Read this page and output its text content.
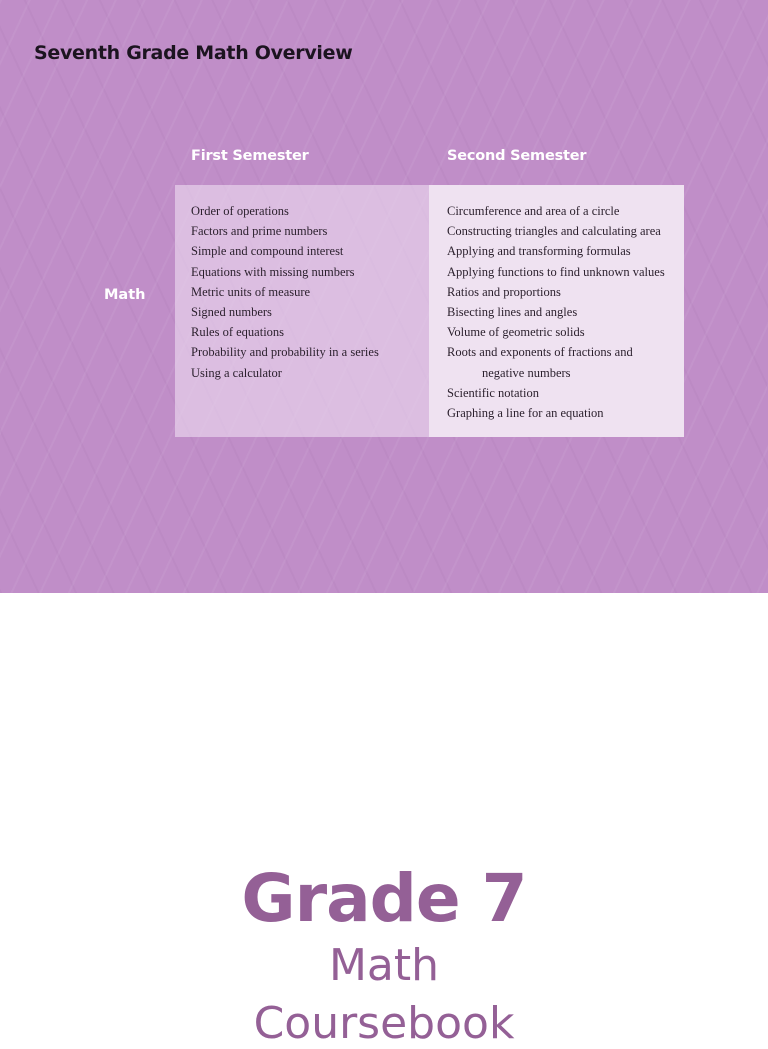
Seventh Grade Math Overview
First Semester	Second Semester
Math
Order of operations
Factors and prime numbers
Simple and compound interest
Equations with missing numbers
Metric units of measure
Signed numbers
Rules of equations
Probability and probability in a series
Using a calculator
Circumference and area of a circle
Constructing triangles and calculating area
Applying and transforming formulas
Applying functions to find unknown values
Ratios and proportions
Bisecting lines and angles
Volume of geometric solids
Roots and exponents of fractions and
negative numbers
Scientific notation
Graphing a line for an equation
Grade 7
Math
Coursebook
